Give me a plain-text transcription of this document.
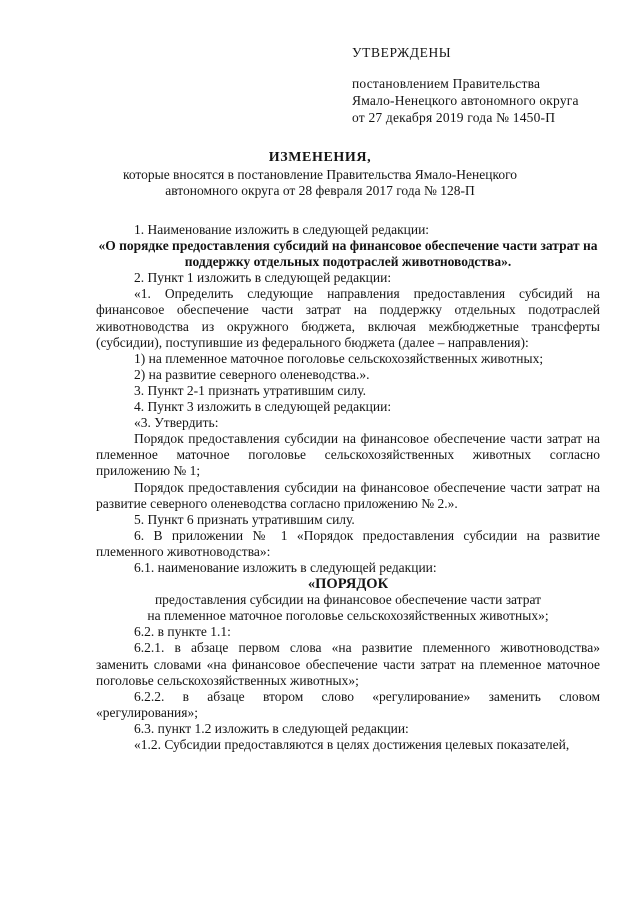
УТВЕРЖДЕНЫ
постановлением Правительства
Ямало-Ненецкого автономного округа
от 27 декабря 2019 года № 1450-П
ИЗМЕНЕНИЯ,
которые вносятся в постановление Правительства Ямало-Ненецкого автономного округа от 28 февраля 2017 года № 128-П

1. Наименование изложить в следующей редакции:

«О порядке предоставления субсидий на финансовое обеспечение части затрат на поддержку отдельных подотраслей животноводства».

2. Пункт 1 изложить в следующей редакции:

«1. Определить следующие направления предоставления субсидий на финансовое обеспечение части затрат на поддержку отдельных подотраслей животноводства из окружного бюджета, включая межбюджетные трансферты (субсидии), поступившие из федерального бюджета (далее – направления):

1) на племенное маточное поголовье сельскохозяйственных животных;

2) на развитие северного оленеводства.».

3. Пункт 2-1 признать утратившим силу.

4. Пункт 3 изложить в следующей редакции:

«3. Утвердить:

Порядок предоставления субсидии на финансовое обеспечение части затрат на племенное маточное поголовье сельскохозяйственных животных согласно приложению № 1;

Порядок предоставления субсидии на финансовое обеспечение части затрат на развитие северного оленеводства согласно приложению № 2.».

5. Пункт 6 признать утратившим силу.

6. В приложении № 1 «Порядок предоставления субсидии на развитие племенного животноводства»:

6.1. наименование изложить в следующей редакции:

«ПОРЯДОК

предоставления субсидии на финансовое обеспечение части затрат

на племенное маточное поголовье сельскохозяйственных животных»;

6.2. в пункте 1.1:

6.2.1. в абзаце первом слова «на развитие племенного животноводства» заменить словами «на финансовое обеспечение части затрат на племенное маточное поголовье сельскохозяйственных животных»;

6.2.2. в абзаце втором слово «регулирование» заменить словом «регулирования»;

6.3. пункт 1.2 изложить в следующей редакции:

«1.2. Субсидии предоставляются в целях достижения целевых показателей,
